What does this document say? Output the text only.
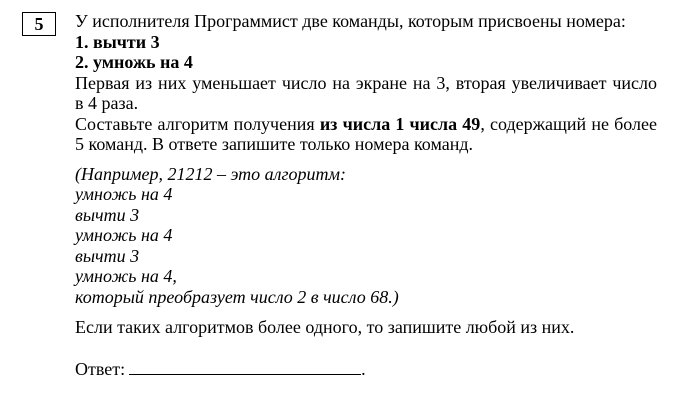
5	У исполнителя Программист две команды, которым присвоены номера:
1. вычти 3
2. умножь на 4
Первая из них уменьшает число на экране на 3, вторая увеличивает число
в 4 раза.
Составьте алгоритм получения из числа 1 числа 49, содержащий не более
5 команд. В ответе запишите только номера команд.
(Например, 21212 – это алгоритм:
умножь на 4
вычти 3
умножь на 4
вычти 3
умножь на 4,
который преобразует число 2 в число 68.)
Если таких алгоритмов более одного, то запишите любой из них.
Ответ:	.
